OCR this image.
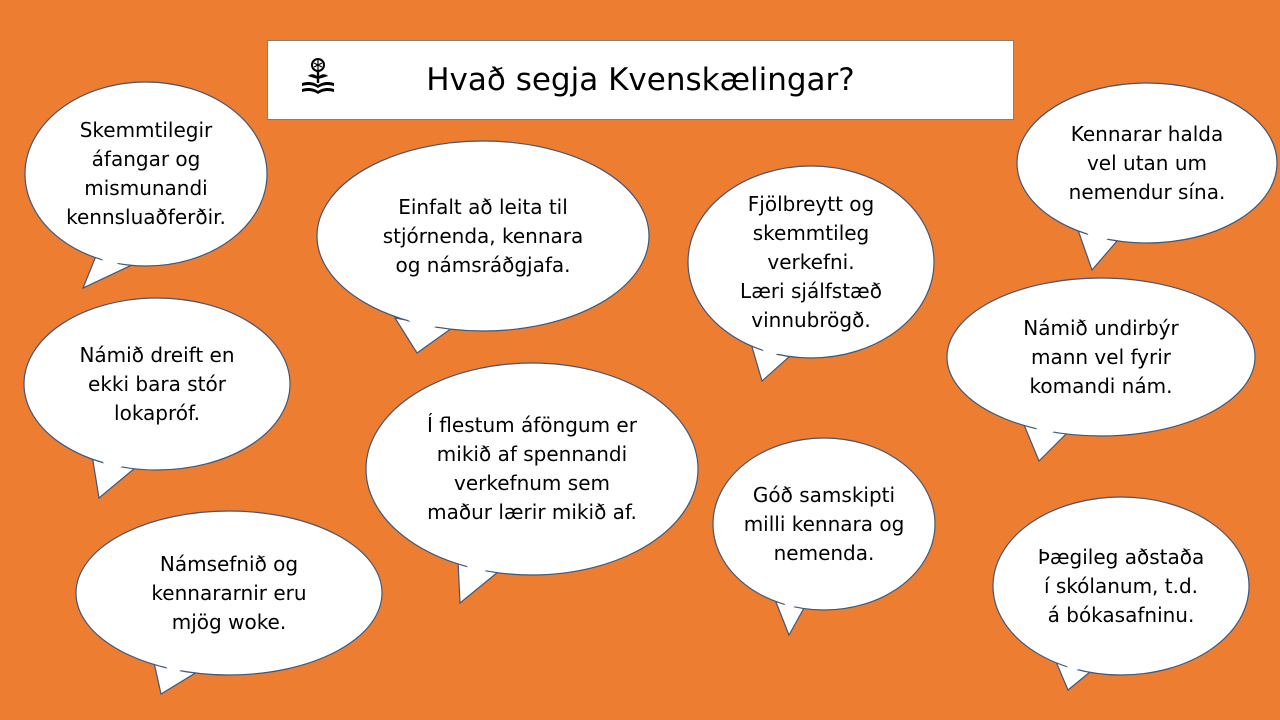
Hvað segja Kvenskælingar?
Skemmtilegir
áfangar og
mismunandi
kennsluaðferðir.	Einfalt að leita til
stjórnenda, kennara
og námsráðgjafa.
Fjölbreytt og
skemmtileg
verkefni.
Læri sjálfstæð
vinnubrögð.
Kennarar halda
vel utan um
nemendur sína.
Námið dreift en
ekki bara stór
lokapróf.
Námið undirbýr
mann vel fyrir
komandi nám.
Í flestum áföngum er
mikið af spennandi
verkefnum sem
maður lærir mikið af.
Góð samskipti
milli kennara og
nemenda.
Námsefnið og
kennararnir eru
mjög woke.
Þægileg aðstaða
í skólanum, t.d.
á bókasafninu.
